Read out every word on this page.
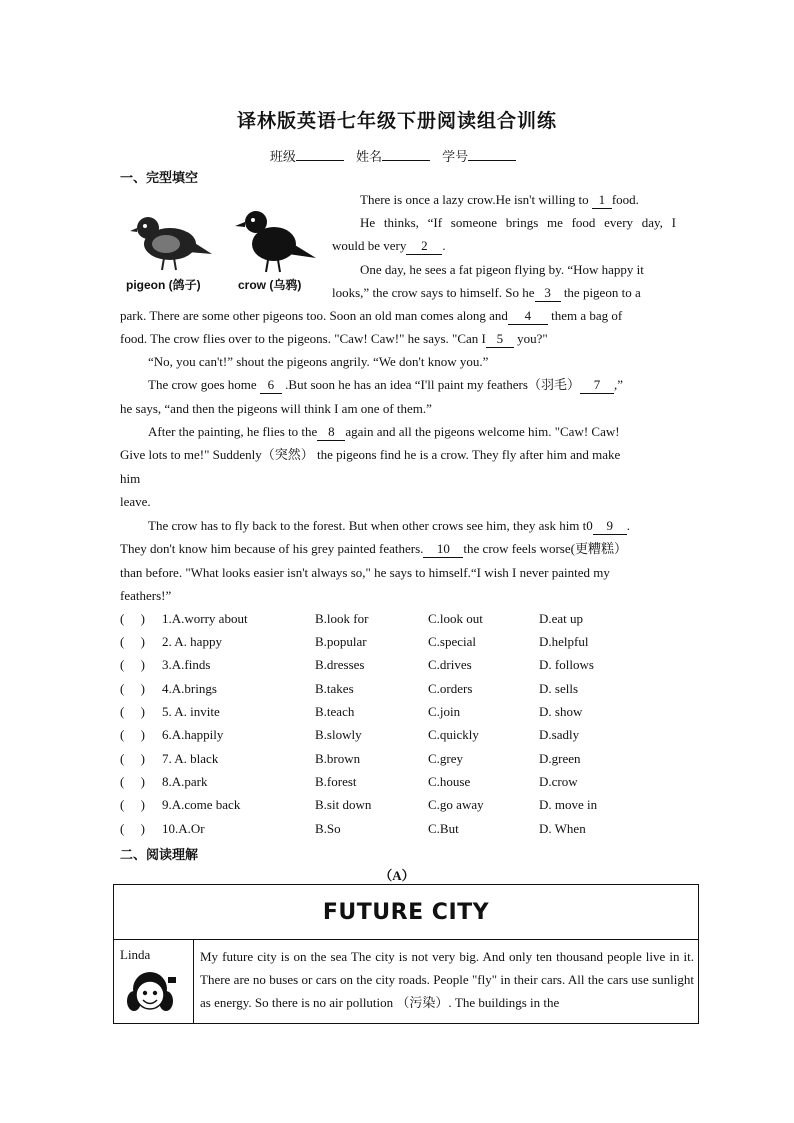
译林版英语七年级下册阅读组合训练
班级	姓名	学号
一、完型填空
pigeon (鸽子)	crow (乌鸦)
There is once a lazy crow.He isn't willing to 1 food.
He thinks, “If someone brings me food every day, I
would be very 2 .
One day, he sees a fat pigeon flying by. “How happy it
looks,” the crow says to himself. So he 3 the pigeon to a
park. There are some other pigeons too. Soon an old man comes along and 4 them a bag of
food. The crow flies over to the pigeons. "Caw! Caw!" he says. "Can I 5 you?"
“No, you can't!” shout the pigeons angrily. “We don't know you.”
The crow goes home 6 .But soon he has an idea “I'll paint my feathers（羽毛） 7 ,”
he says, “and then the pigeons will think I am one of them.”
After the painting, he flies to the 8 again and all the pigeons welcome him. "Caw! Caw!
Give lots to me!" Suddenly（突然） the pigeons find he is a crow. They fly after him and make
him
leave.
The crow has to fly back to the forest. But when other crows see him, they ask him t0 9 .
They don't know him because of his grey painted feathers. 10 the crow feels worse(更糟糕）
than before. "What looks easier isn't always so," he says to himself.“I wish I never painted my
feathers!”
(　 ) 1.A.worry about	B.look for	C.look out	D.eat up
(　 ) 2. A. happy	B.popular	C.special	D.helpful
(　 ) 3.A.finds	B.dresses	C.drives	D. follows
(　 ) 4.A.brings	B.takes	C.orders	D. sells
(　 ) 5. A. invite	B.teach	C.join	D. show
(　 ) 6.A.happily	B.slowly	C.quickly	D.sadly
(　 ) 7. A. black	B.brown	C.grey	D.green
(　 ) 8.A.park	B.forest	C.house	D.crow
(　 ) 9.A.come back	B.sit down	C.go away	D. move in
(　 ) 10.A.Or	B.So	C.But	D. When
二、阅读理解
（A）
FUTURE CITY
Linda	My future city is on the sea The city is not very big. And only ten thousand people live in it. There are no buses or cars on the city roads. People "fly" in their cars. All the cars use sunlight as energy. So there is no air pollution （污染）. The buildings in the
